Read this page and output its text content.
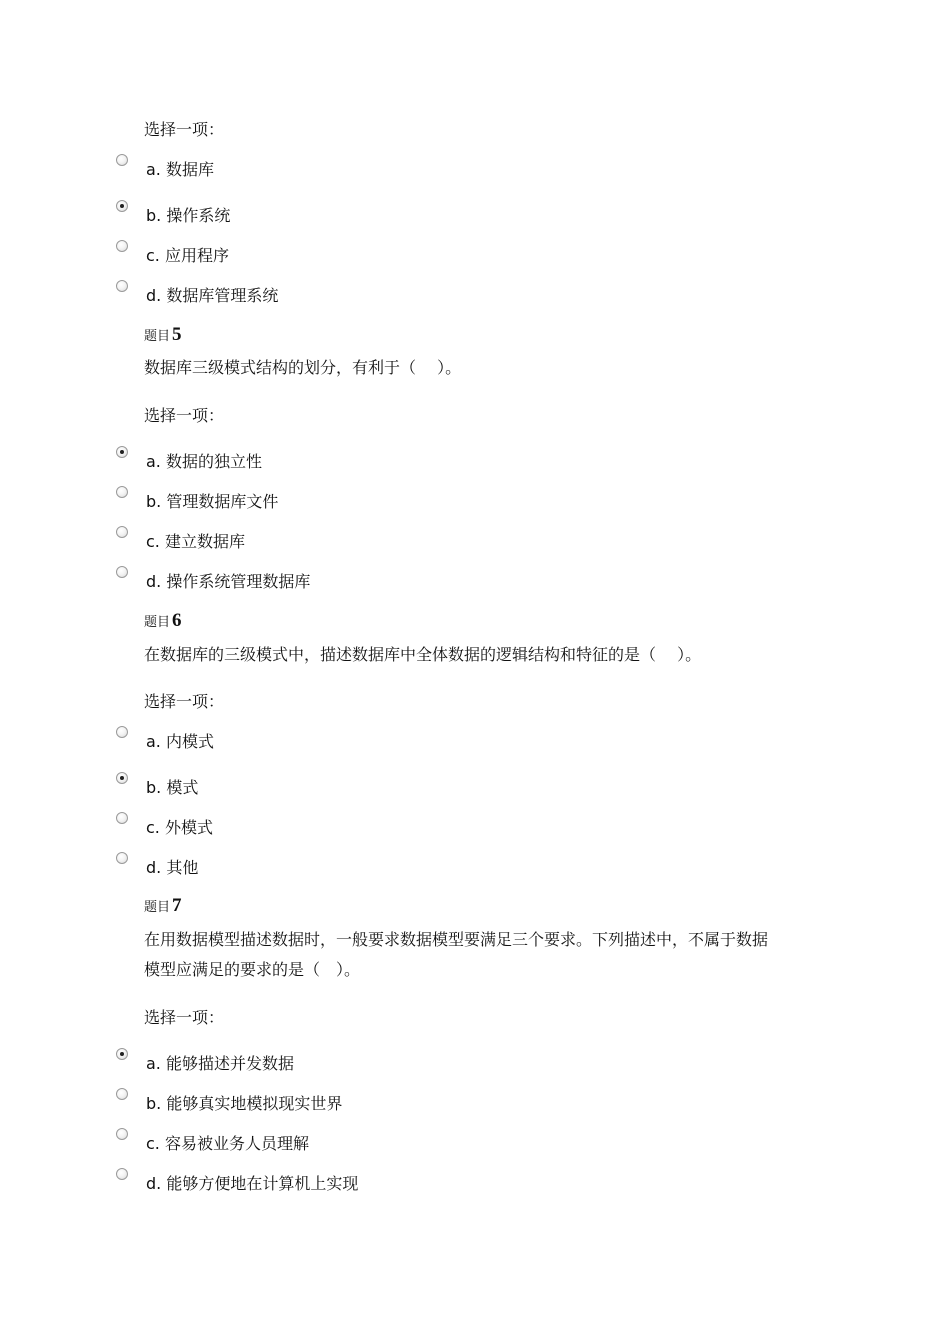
选择一项：
a. 数据库
b. 操作系统
c. 应用程序
d. 数据库管理系统
题目 5
数据库三级模式结构的划分，有利于（　 ）。
选择一项：
a. 数据的独立性
b. 管理数据库文件
c. 建立数据库
d. 操作系统管理数据库
题目 6
在数据库的三级模式中，描述数据库中全体数据的逻辑结构和特征的是（　 ）。
选择一项：
a. 内模式
b. 模式
c. 外模式
d. 其他
题目 7
在用数据模型描述数据时，一般要求数据模型要满足三个要求。下列描述中，不属于数据
模型应满足的要求的是（　）。
选择一项：
a. 能够描述并发数据
b. 能够真实地模拟现实世界
c. 容易被业务人员理解
d. 能够方便地在计算机上实现
